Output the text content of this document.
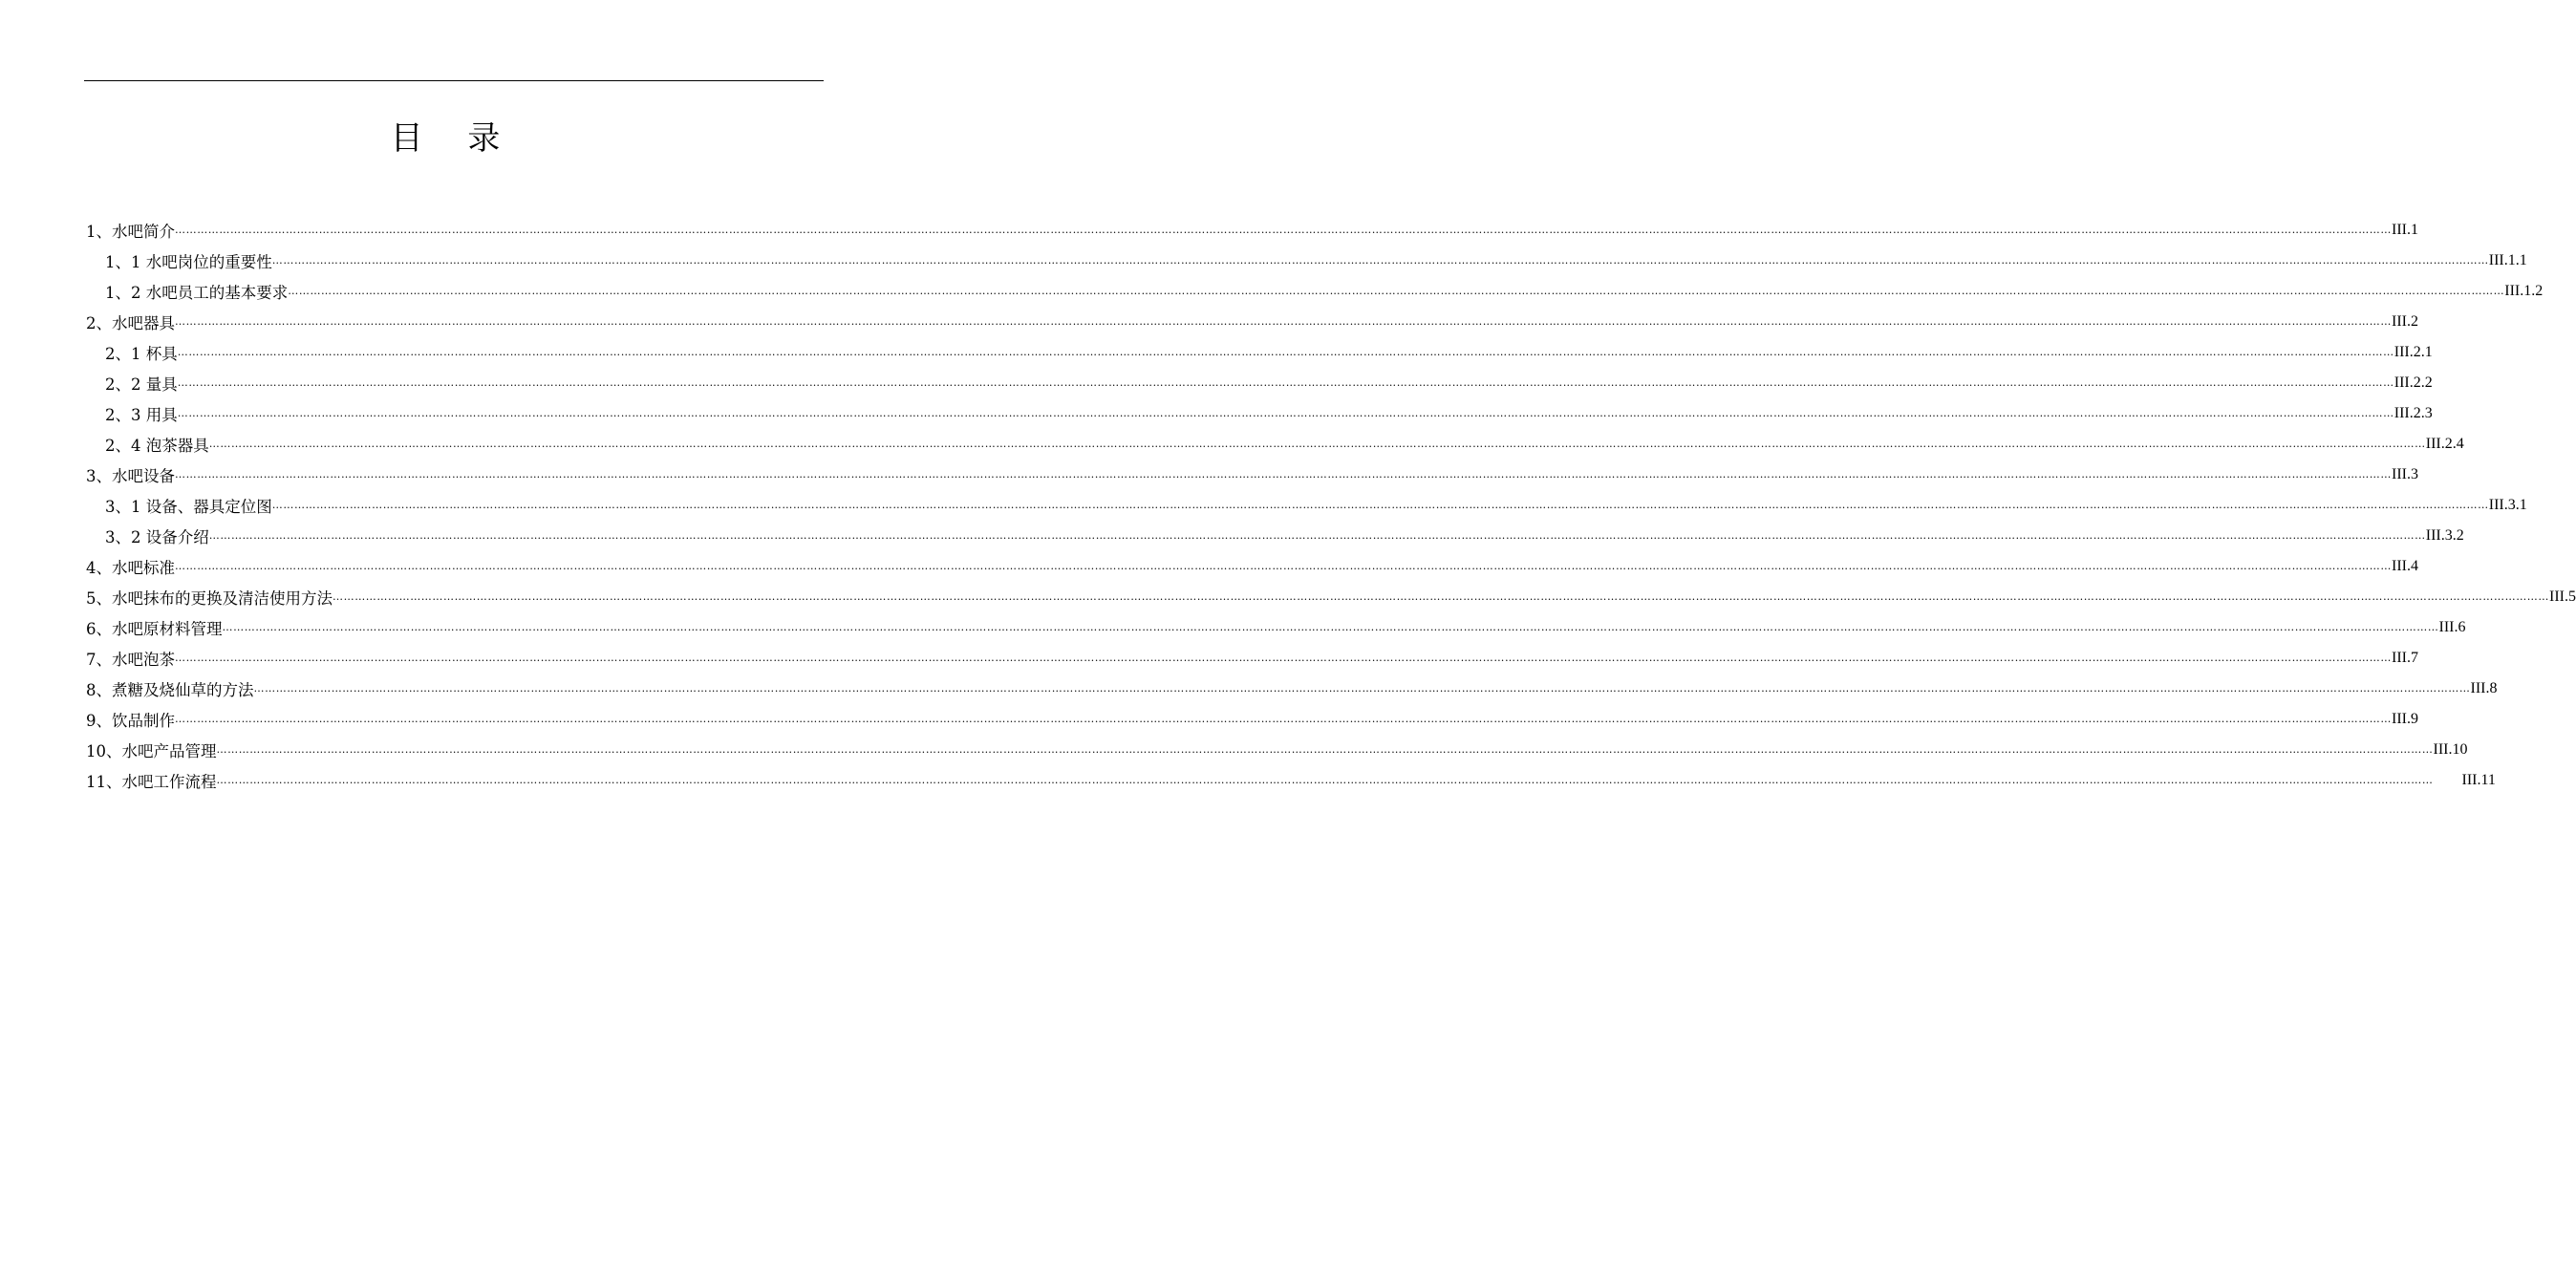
目 录
1、水吧简介 …………………………………………………………………………………………………………………………………………………………………………………………………………………………………………………………………………………………………………………………………………………………………………………………………………………………………………………………………………………………………………………………………………………… III.1
1、1 水吧岗位的重要性 …………………………………………………………………………………………………………………………………………………………………………………………………………………………………………………………………………………………………………………………………………………………………………………………………………………………………………………………………………………………………………………………………………………… III.1.1
1、2 水吧员工的基本要求 …………………………………………………………………………………………………………………………………………………………………………………………………………………………………………………………………………………………………………………………………………………………………………………………………………………………………………………………………………………………………………………………………………………… III.1.2
2、水吧器具 …………………………………………………………………………………………………………………………………………………………………………………………………………………………………………………………………………………………………………………………………………………………………………………………………………………………………………………………………………………………………………………………………………………… III.2
2、1 杯具 …………………………………………………………………………………………………………………………………………………………………………………………………………………………………………………………………………………………………………………………………………………………………………………………………………………………………………………………………………………………………………………………………………………… III.2.1
2、2 量具 …………………………………………………………………………………………………………………………………………………………………………………………………………………………………………………………………………………………………………………………………………………………………………………………………………………………………………………………………………………………………………………………………………………… III.2.2
2、3 用具 …………………………………………………………………………………………………………………………………………………………………………………………………………………………………………………………………………………………………………………………………………………………………………………………………………………………………………………………………………………………………………………………………………………… III.2.3
2、4 泡茶器具 …………………………………………………………………………………………………………………………………………………………………………………………………………………………………………………………………………………………………………………………………………………………………………………………………………………………………………………………………………………………………………………………………………………… III.2.4
3、水吧设备 …………………………………………………………………………………………………………………………………………………………………………………………………………………………………………………………………………………………………………………………………………………………………………………………………………………………………………………………………………………………………………………………………………………… III.3
3、1 设备、器具定位图 …………………………………………………………………………………………………………………………………………………………………………………………………………………………………………………………………………………………………………………………………………………………………………………………………………………………………………………………………………………………………………………………………………………… III.3.1
3、2 设备介绍 …………………………………………………………………………………………………………………………………………………………………………………………………………………………………………………………………………………………………………………………………………………………………………………………………………………………………………………………………………………………………………………………………………………… III.3.2
4、水吧标准 …………………………………………………………………………………………………………………………………………………………………………………………………………………………………………………………………………………………………………………………………………………………………………………………………………………………………………………………………………………………………………………………………………………… III.4
5、水吧抹布的更换及清洁使用方法 …………………………………………………………………………………………………………………………………………………………………………………………………………………………………………………………………………………………………………………………………………………………………………………………………………………………………………………………………………………………………………………………………………………… III.5
6、水吧原材料管理 …………………………………………………………………………………………………………………………………………………………………………………………………………………………………………………………………………………………………………………………………………………………………………………………………………………………………………………………………………………………………………………………………………………… III.6
7、水吧泡茶 …………………………………………………………………………………………………………………………………………………………………………………………………………………………………………………………………………………………………………………………………………………………………………………………………………………………………………………………………………………………………………………………………………………… III.7
8、煮糖及烧仙草的方法 …………………………………………………………………………………………………………………………………………………………………………………………………………………………………………………………………………………………………………………………………………………………………………………………………………………………………………………………………………………………………………………………………………………… III.8
9、饮品制作 …………………………………………………………………………………………………………………………………………………………………………………………………………………………………………………………………………………………………………………………………………………………………………………………………………………………………………………………………………………………………………………………………………………… III.9
10、水吧产品管理 …………………………………………………………………………………………………………………………………………………………………………………………………………………………………………………………………………………………………………………………………………………………………………………………………………………………………………………………………………………………………………………………………………………… III.10
11、水吧工作流程 …………………………………………………………………………………………………………………………………………………………………………………………………………………………………………………………………………………………………………………………………………………………………………………………………………………………………………………………………………………………………………………………………………………… III.11
